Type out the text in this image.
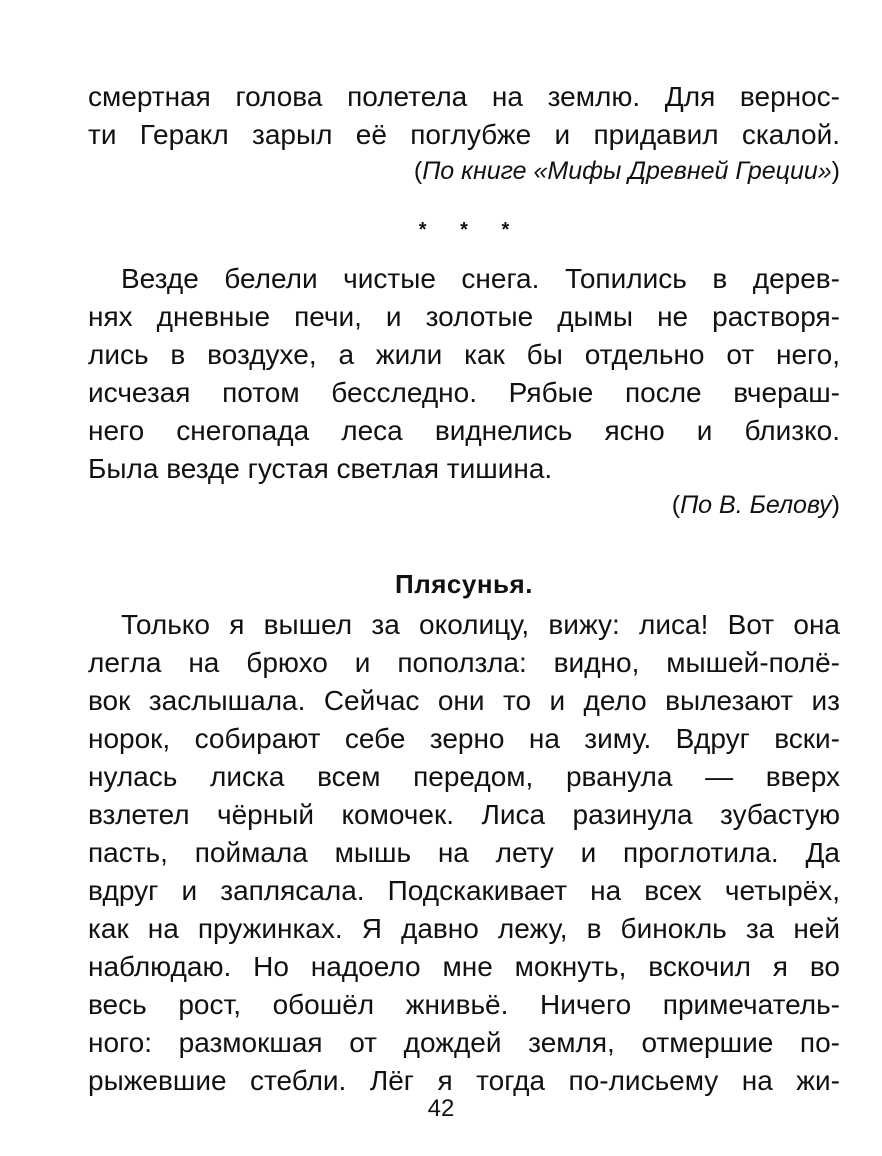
смертная голова полетела на землю. Для вернос-
ти Геракл зарыл её поглубже и придавил скалой.
(По книге «Мифы Древней Греции»)
* * *
Везде белели чистые снега. Топились в дерев-
нях дневные печи, и золотые дымы не растворя-
лись в воздухе, а жили как бы отдельно от него,
исчезая потом бесследно. Рябые после вчераш-
него снегопада леса виднелись ясно и близко.
Была везде густая светлая тишина.
(По В. Белову)
Плясунья.
Только я вышел за околицу, вижу: лиса! Вот она
легла на брюхо и поползла: видно, мышей-полё-
вок заслышала. Сейчас они то и дело вылезают из
норок, собирают себе зерно на зиму. Вдруг вски-
нулась лиска всем передом, рванула — вверх
взлетел чёрный комочек. Лиса разинула зубастую
пасть, поймала мышь на лету и проглотила. Да
вдруг и заплясала. Подскакивает на всех четырёх,
как на пружинках. Я давно лежу, в бинокль за ней
наблюдаю. Но надоело мне мокнуть, вскочил я во
весь рост, обошёл жнивьё. Ничего примечатель-
ного: размокшая от дождей земля, отмершие по-
рыжевшие стебли. Лёг я тогда по-лисьему на жи-
42
